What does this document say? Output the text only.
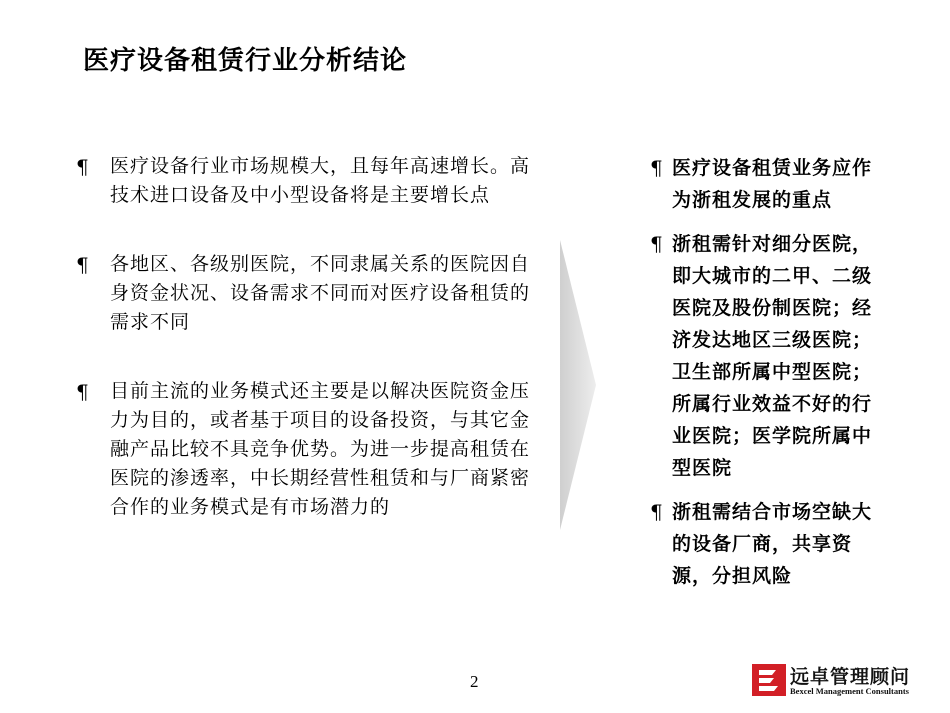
医疗设备租赁行业分析结论
¶	医疗设备行业市场规模大，且每年高速增长。高技术进口设备及中小型设备将是主要增长点
¶	各地区、各级别医院，不同隶属关系的医院因自身资金状况、设备需求不同而对医疗设备租赁的需求不同
¶	目前主流的业务模式还主要是以解决医院资金压力为目的，或者基于项目的设备投资，与其它金融产品比较不具竞争优势。为进一步提高租赁在医院的渗透率，中长期经营性租赁和与厂商紧密合作的业务模式是有市场潜力的
¶ 医疗设备租赁业务应作为浙租发展的重点
¶ 浙租需针对细分医院，即大城市的二甲、二级医院及股份制医院；经济发达地区三级医院；卫生部所属中型医院；所属行业效益不好的行业医院；医学院所属中型医院
¶ 浙租需结合市场空缺大的设备厂商，共享资源，分担风险
2	远卓管理顾问
Bexcel Management Consultants
